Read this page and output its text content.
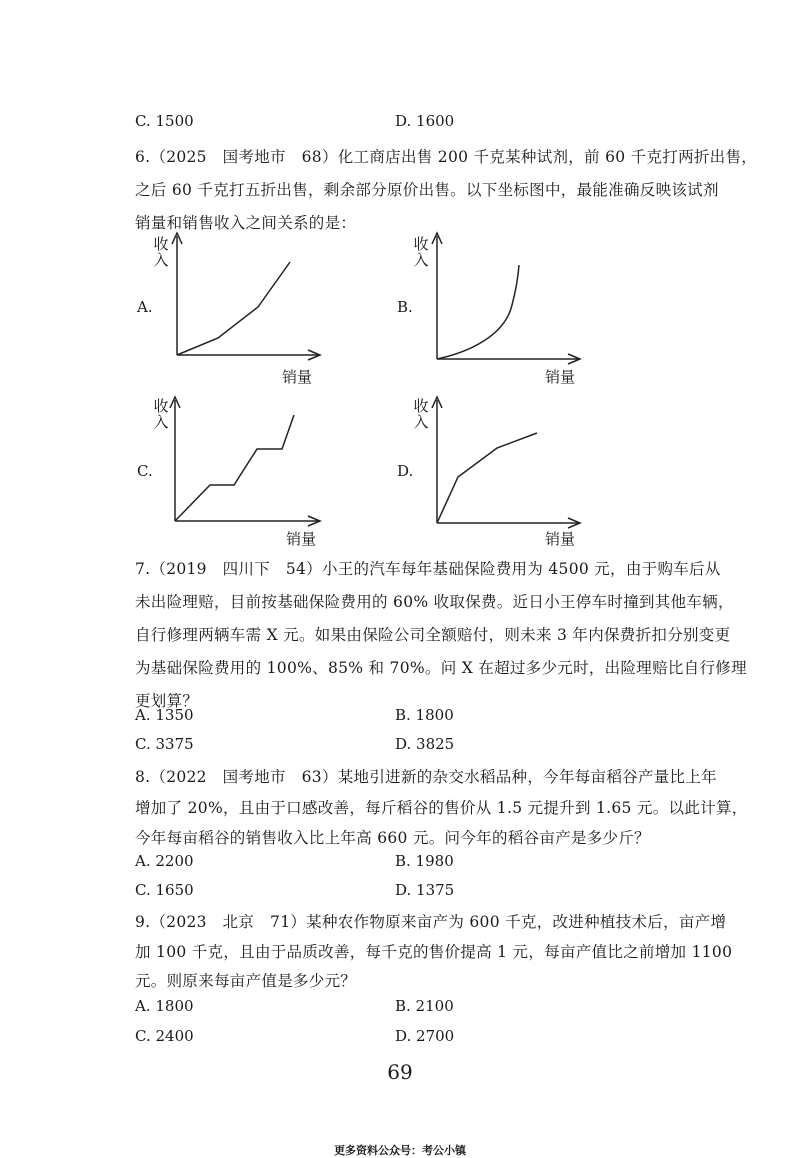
C. 1500	D. 1600
6.（2025　国考地市　68）化工商店出售 200 千克某种试剂，前 60 千克打两折出售，
之后 60 千克打五折出售，剩余部分原价出售。以下坐标图中，最能准确反映该试剂
销量和销售收入之间关系的是：
A.
收入
销量
B.
收入
销量
C.
收入
销量
D.
收入
销量
7.（2019　四川下　54）小王的汽车每年基础保险费用为 4500 元，由于购车后从
未出险理赔，目前按基础保险费用的 60% 收取保费。近日小王停车时撞到其他车辆，
自行修理两辆车需 X 元。如果由保险公司全额赔付，则未来 3 年内保费折扣分别变更
为基础保险费用的 100%、85% 和 70%。问 X 在超过多少元时，出险理赔比自行修理
更划算？
A. 1350	B. 1800
C. 3375	D. 3825
8.（2022　国考地市　63）某地引进新的杂交水稻品种，今年每亩稻谷产量比上年
增加了 20%，且由于口感改善，每斤稻谷的售价从 1.5 元提升到 1.65 元。以此计算，
今年每亩稻谷的销售收入比上年高 660 元。问今年的稻谷亩产是多少斤？
A. 2200	B. 1980
C. 1650	D. 1375
9.（2023　北京　71）某种农作物原来亩产为 600 千克，改进种植技术后，亩产增
加 100 千克，且由于品质改善，每千克的售价提高 1 元，每亩产值比之前增加 1100
元。则原来每亩产值是多少元？
A. 1800	B. 2100
C. 2400	D. 2700
69
更多资料公众号：考公小镇
